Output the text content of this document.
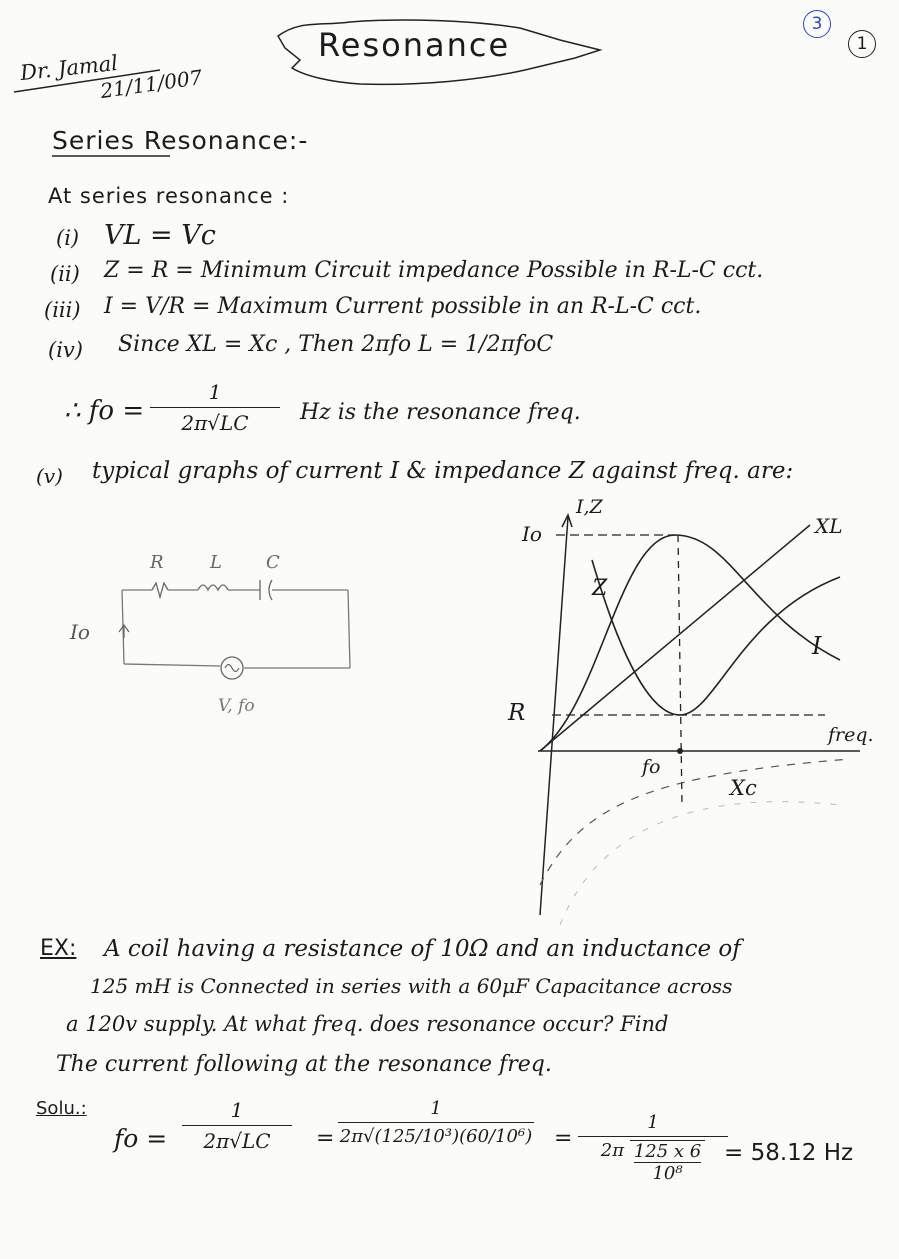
Dr. Jamal
21/11/007
Resonance
3
1
Series Resonance:-
At series resonance :
(i) VL = Vc
(ii) Z = R = Minimum Circuit impedance Possible in R-L-C cct.
(iii) I = V/R = Maximum Current possible in an R-L-C cct.
(iv) Since XL = Xc , Then 2πfo L = 1/2πfoC
∴ fo =
1
2π√LC	Hz is the resonance freq.
(v) typical graphs of current I & impedance Z against freq. are:
R	L C
Io
V, fo
I,Z
Io
R
Z
I
XL
Xc
freq.
fo
EX: A coil having a resistance of 10Ω and an inductance of
125 mH is Connected in series with a 60μF Capacitance across
a 120v supply. At what freq. does resonance occur? Find
The current following at the resonance freq.
Solu.:
fo =
1
2π√LC	=
1
2π√(125/10³)(60/10⁶) =
1
$2\pi \frac{125 x 6}{\text{10⁸}} = 58.12$ Hz
